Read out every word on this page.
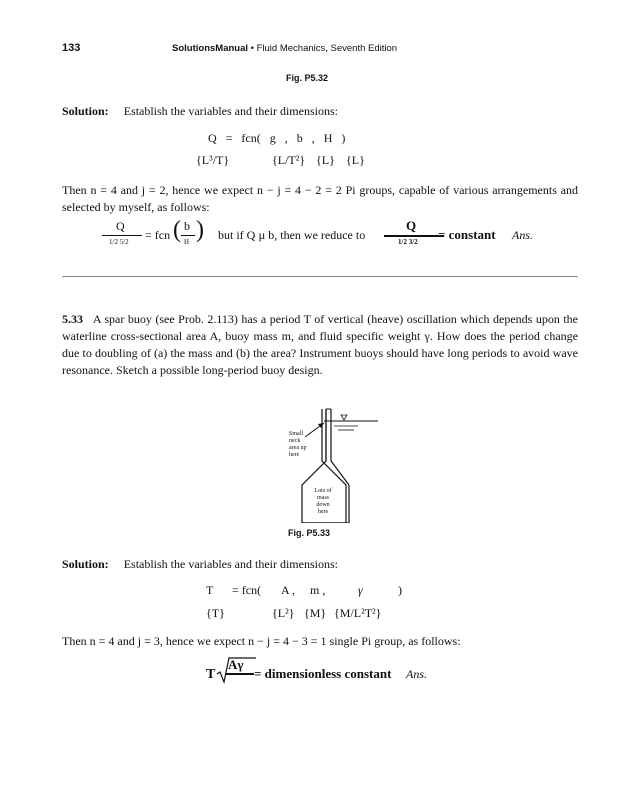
133	SolutionsManual • Fluid Mechanics, Seventh Edition
Fig. P5.32
Solution: Establish the variables and their dimensions:
Q = fcn( g , b , H )
{L³/T}	{L/T²} {L} {L}
Then n = 4 and j = 2, hence we expect n − j = 4 − 2 = 2 Pi groups, capable of various arrangements and selected by myself, as follows:
Q
1/2 5/2 = fcn ( b
H ) but if Q µ b, then we reduce to
Q
1/2 3/2 = constant Ans.
5.33 A spar buoy (see Prob. 2.113) has a period T of vertical (heave) oscillation which depends upon the waterline cross-sectional area A, buoy mass m, and fluid specific weight γ. How does the period change due to doubling of (a) the mass and (b) the area? Instrument buoys should have long periods to avoid wave resonance. Sketch a possible long-period buoy design.
Small
neck
area up
here
Lots of
mass
down
here
Fig. P5.33
Solution: Establish the variables and their dimensions:
T = fcn( A , m ,	γ	)
{T}	{L²} {M} {M/L²T²}
Then n = 4 and j = 3, hence we expect n − j = 4 − 3 = 1 single Pi group, as follows:
T
Aγ
= dimensionless constant Ans.
